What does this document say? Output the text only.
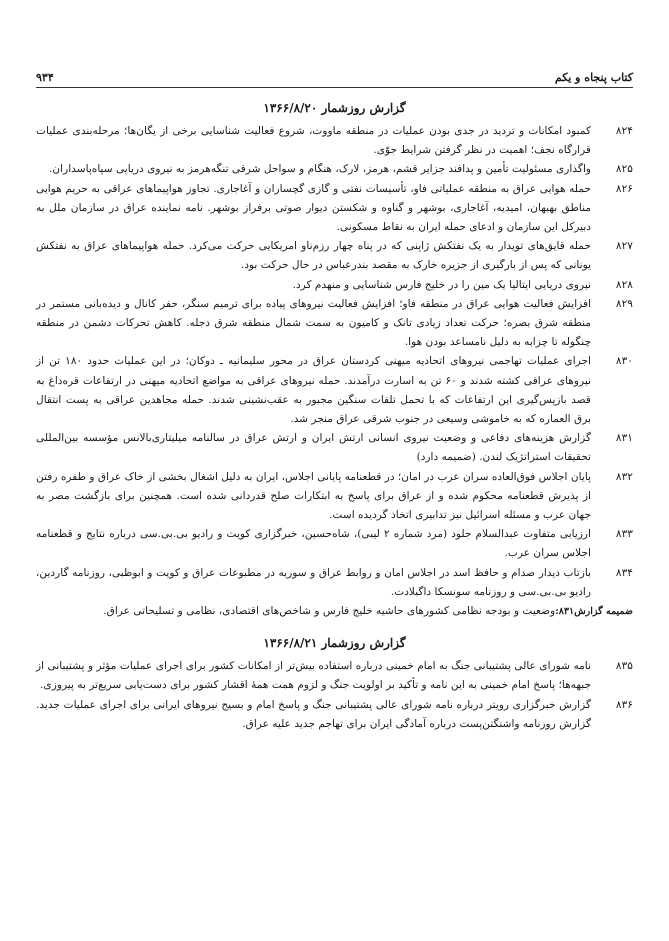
کتاب پنجاه و یکم
۹۳۴
گزارش روزشمار ۱۳۶۶/۸/۲۰
۸۲۴
کمبود امکانات و تردید در جدی بودن عملیات در منطقه ماووت، شروع فعالیت شناسایی برخی از یگان‌ها؛ مرحله‌بندی عملیات قرارگاه نجف؛ اهمیت در نظر گرفتن شرایط جوّی.
۸۲۵
واگذاری مسئولیت تأمین و پدافند جزایر قشم، هرمز، لارک، هنگام و سواحل شرقی تنگه‌هرمز به نیروی دریایی سپاه‌پاسداران.
۸۲۶
حمله هوایی عراق به منطقه عملیاتی فاو، تأسیسات نفتی و گازی گچساران و آغاجاری. تجاوز هواپیماهای عراقی به حریم هوایی مناطق بهبهان، امیدیه، آغاجاری، بوشهر و گناوه و شکستن دیوار صوتی برفراز بوشهر. نامه نماینده عراق در سازمان ملل به دبیرکل این سازمان و ادعای حمله ایران به نقاط مسکونی.
۸۲۷
حمله قایق‌های تویدار به یک نفتکش ژاپنی که در پناه چهار رزم‌ناو امریکایی حرکت می‌کرد. حمله هواپیماهای عراق به نفتکش یونانی که پس از بارگیری از جزیره خارک به مقصد بندرعباس در حال حرکت بود.
۸۲۸
نیروی دریایی ایتالیا یک مین را در خلیج فارس شناسایی و منهدم کرد.
۸۲۹
افزایش فعالیت هوایی عراق در منطقه فاو؛ افزایش فعالیت نیروهای پیاده برای ترمیم سنگر، حفر کانال و دیده‌بانی مستمر در منطقه شرق بصره؛ حرکت تعداد زیادی تانک و کامیون به سمت شمال منطقه شرق دجله. کاهش تحرکات دشمن در منطقه چنگوله تا چزابه به دلیل نامساعد بودن هوا.
۸۳۰
اجرای عملیات تهاجمی نیروهای اتحادیه میهنی کردستان عراق در محور سلیمانیه ـ دوکان؛ در این عملیات حدود ۱۸۰ تن از نیروهای عراقی کشته شدند و ۶۰ تن به اسارت درآمدند. حمله نیروهای عراقی به مواضع اتحادیه میهنی در ارتفاعات قره‌داغ به قصد بازپس‌گیری این ارتفاعات که با تحمل تلفات سنگین مجبور به عقب‌نشینی شدند. حمله مجاهدین عراقی به پست انتقال برق العماره که به خاموشی وسیعی در جنوب شرقی عراق منجر شد.
۸۳۱
گزارش هزینه‌های دفاعی و وضعیت نیروی انسانی ارتش ایران و ارتش عراق در سالنامه میلیتاری‌بالانس مؤسسه بین‌المللی تحقیقات استراتژیک لندن. (ضمیمه دارد)
۸۳۲
پایان اجلاس فوق‌العاده سران عرب در امان؛ در قطعنامه پایانی اجلاس، ایران به دلیل اشغال بخشی از خاک عراق و طفره رفتن از پذیرش قطعنامه محکوم شده و از عراق برای پاسخ به ابتکارات صلح قدردانی شده است. همچنین برای بازگشت مصر به جهان عرب و مسئله اسرائیل نیز تدابیری اتخاذ گردیده است.
۸۳۳
ارزیابی متفاوت عبدالسلام جلود (مرد شماره ۲ لیبی)، شاه‌حسین، خبرگزاری کویت و رادیو بی.بی.سی درباره نتایج و قطعنامه اجلاس سران عرب.
۸۳۴
بازتاب دیدار صدام و حافظ اسد در اجلاس امان و روابط عراق و سوریه در مطبوعات عراق و کویت و ابوظبی، روزنامه گاردین، رادیو بی.بی.سی و روزنامه سونسکا داگبلادت.
ضمیمه گزارش۸۳۱:
وضعیت و بودجه نظامی کشورهای حاشیه خلیج فارس و شاخص‌های اقتصادی، نظامی و تسلیحاتی عراق.
گزارش روزشمار ۱۳۶۶/۸/۲۱
۸۳۵
نامه شورای عالی پشتیبانی جنگ به امام خمینی درباره استفاده بیش‌تر از امکانات کشور برای اجرای عملیات مؤثر و پشتیبانی از جبهه‌ها؛ پاسخ امام خمینی به این نامه و تأکید بر اولویت جنگ و لزوم همت همهٔ اقشار کشور برای دست‌یابی سریع‌تر به پیروزی.
۸۳۶
گزارش خبرگزاری رویتر درباره نامه شورای عالی پشتیبانی جنگ و پاسخ امام و بسیج نیروهای ایرانی برای اجرای عملیات جدید. گزارش روزنامه واشنگتن‌پست درباره آمادگی ایران برای تهاجم جدید علیه عراق.
